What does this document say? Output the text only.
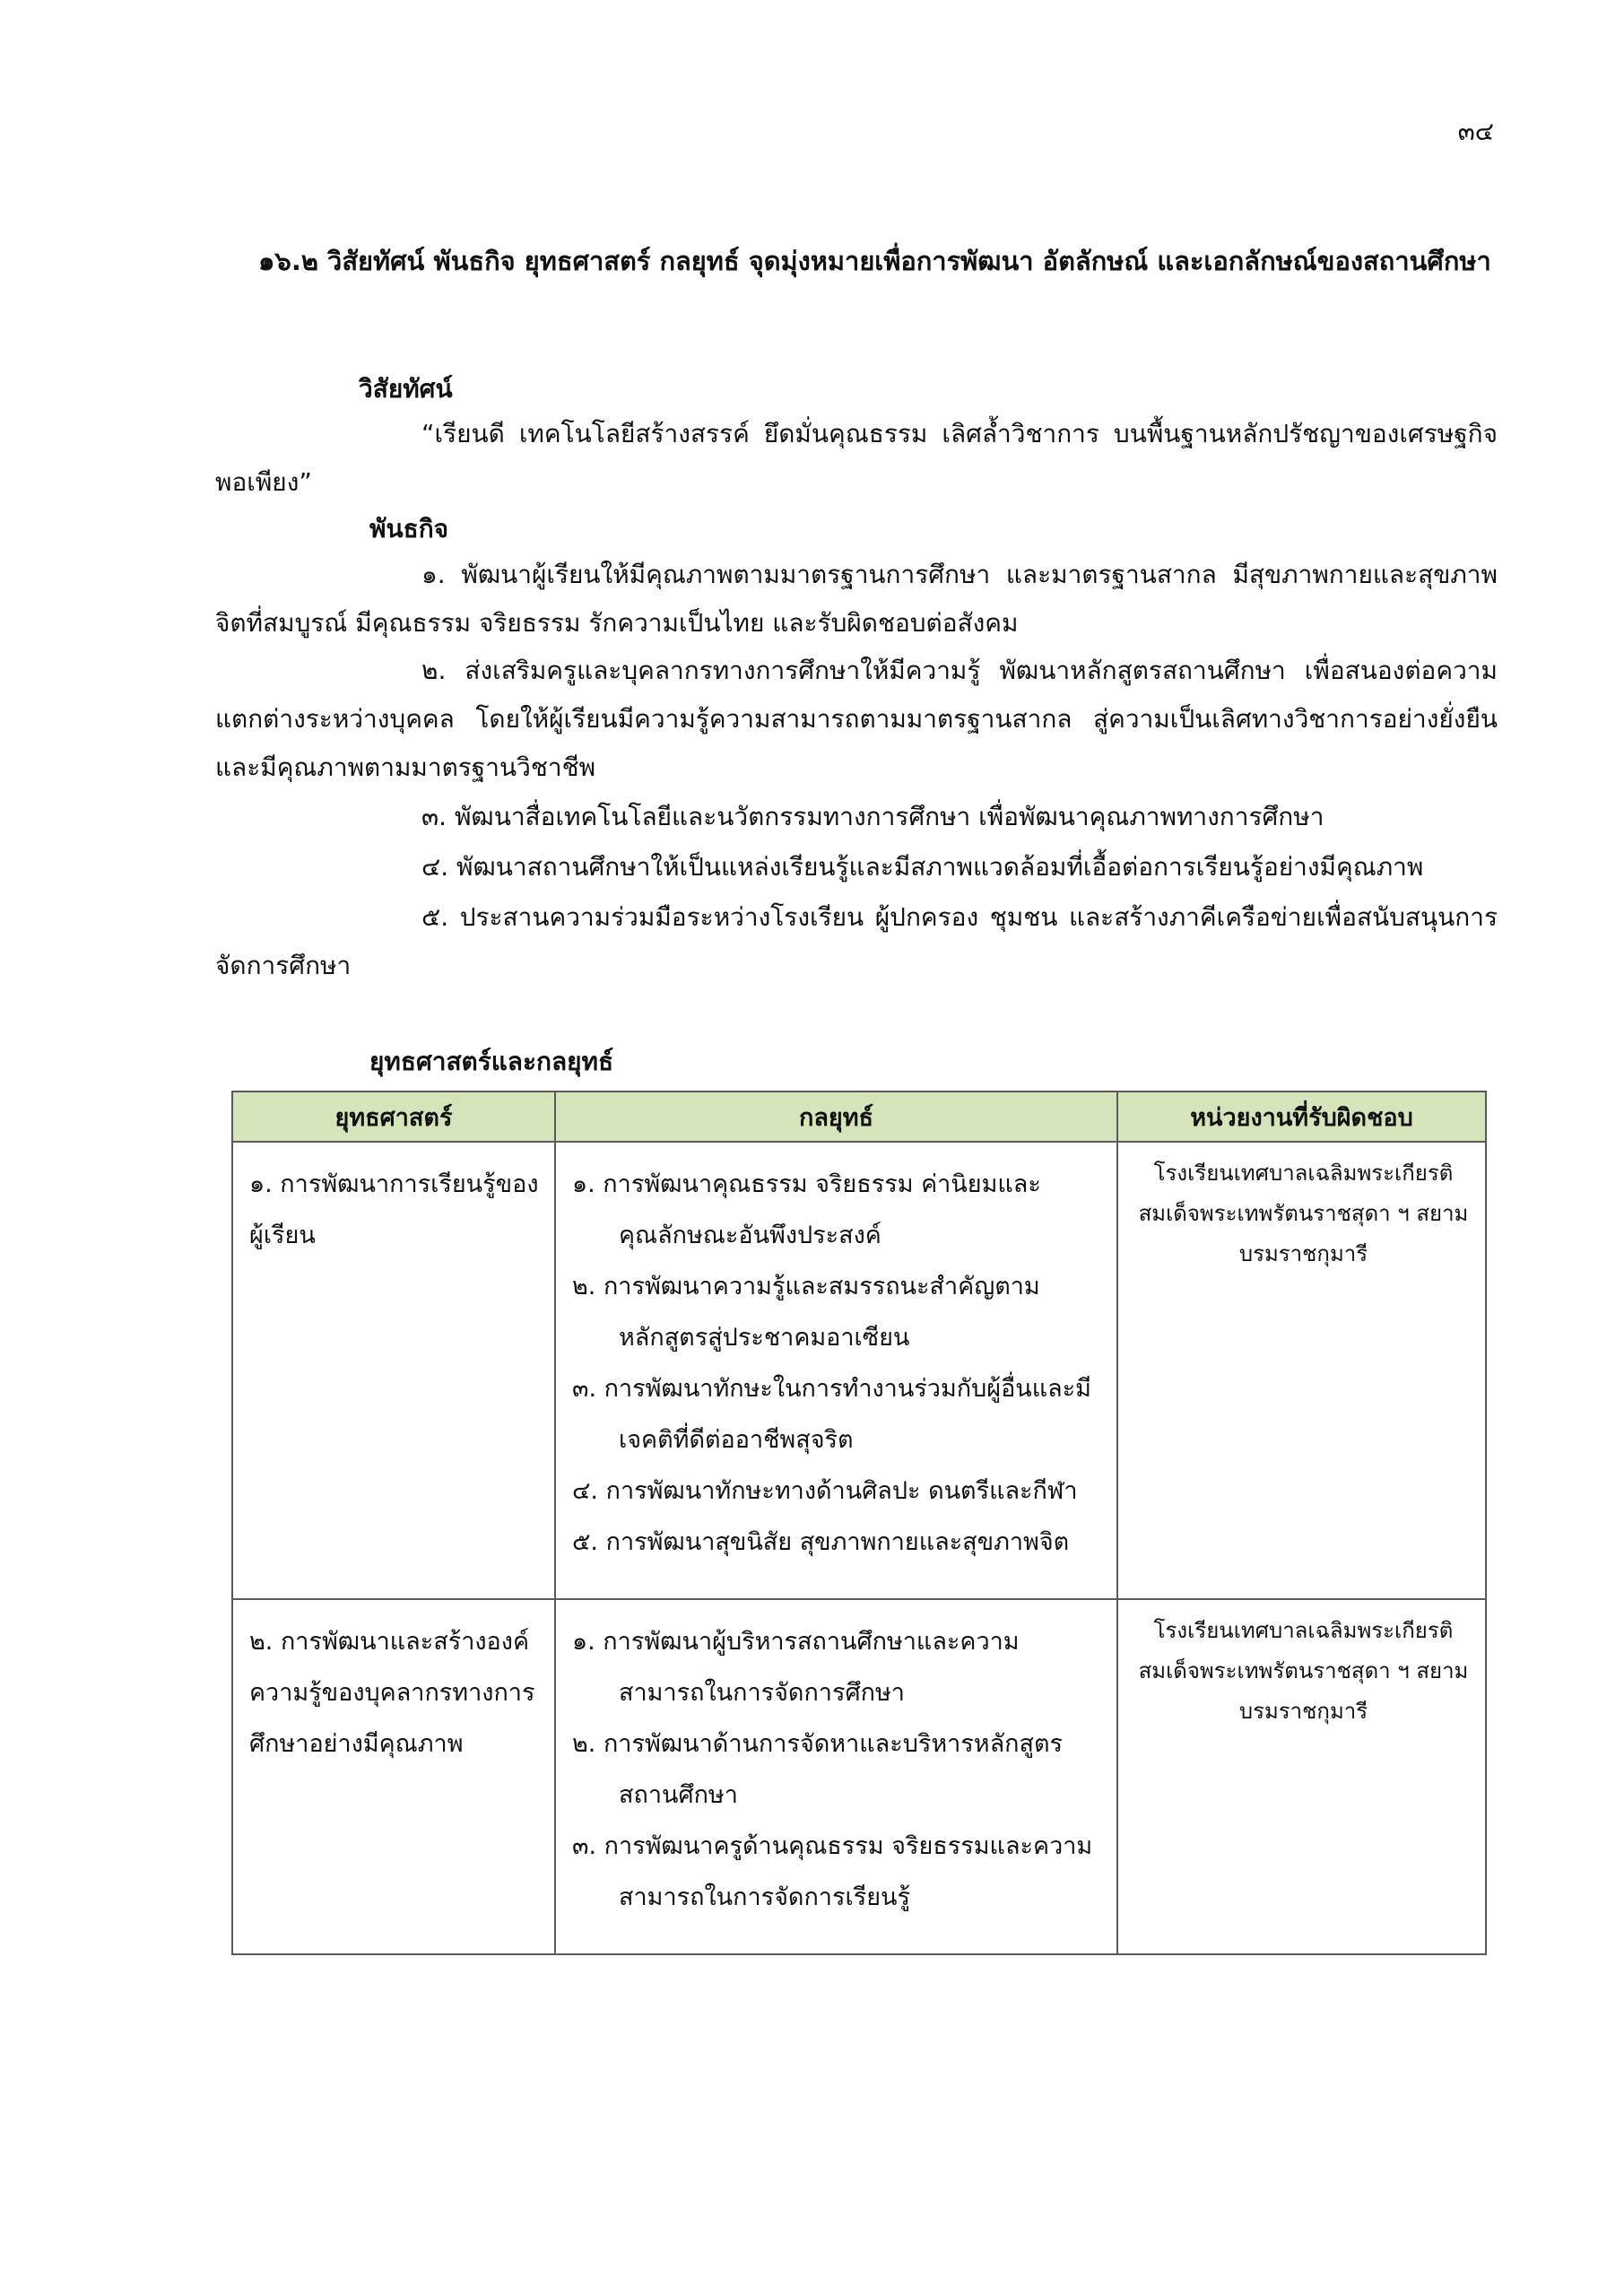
๓๔

๑๖.๒ วิสัยทัศน์ พันธกิจ ยุทธศาสตร์ กลยุทธ์ จุดมุ่งหมายเพื่อการพัฒนา อัตลักษณ์ และเอกลักษณ์ของสถานศึกษา

วิสัยทัศน์

“เรียนดี เทคโนโลยีสร้างสรรค์ ยึดมั่นคุณธรรม เลิศล้ำวิชาการ บนพื้นฐานหลักปรัชญาของเศรษฐกิจพอเพียง”

พันธกิจ

๑. พัฒนาผู้เรียนให้มีคุณภาพตามมาตรฐานการศึกษา และมาตรฐานสากล มีสุขภาพกายและสุขภาพจิตที่สมบูรณ์ มีคุณธรรม จริยธรรม รักความเป็นไทย และรับผิดชอบต่อสังคม

๒. ส่งเสริมครูและบุคลากรทางการศึกษาให้มีความรู้ พัฒนาหลักสูตรสถานศึกษา เพื่อสนองต่อความแตกต่างระหว่างบุคคล โดยให้ผู้เรียนมีความรู้ความสามารถตามมาตรฐานสากล สู่ความเป็นเลิศทางวิชาการอย่างยั่งยืนและมีคุณภาพตามมาตรฐานวิชาชีพ

๓. พัฒนาสื่อเทคโนโลยีและนวัตกรรมทางการศึกษา เพื่อพัฒนาคุณภาพทางการศึกษา

๔. พัฒนาสถานศึกษาให้เป็นแหล่งเรียนรู้และมีสภาพแวดล้อมที่เอื้อต่อการเรียนรู้อย่างมีคุณภาพ

๕. ประสานความร่วมมือระหว่างโรงเรียน ผู้ปกครอง ชุมชน และสร้างภาคีเครือข่ายเพื่อสนับสนุนการจัดการศึกษา

ยุทธศาสตร์และกลยุทธ์

ยุทธศาสตร์	กลยุทธ์	หน่วยงานที่รับผิดชอบ
๑. การพัฒนาการเรียนรู้ของผู้เรียน	๑. การพัฒนาคุณธรรม จริยธรรม ค่านิยมและคุณลักษณะอันพึงประสงค์
๒. การพัฒนาความรู้และสมรรถนะสำคัญตามหลักสูตรสู่ประชาคมอาเซียน
๓. การพัฒนาทักษะในการทำงานร่วมกับผู้อื่นและมีเจคติที่ดีต่ออาชีพสุจริต
๔. การพัฒนาทักษะทางด้านศิลปะ ดนตรีและกีฬา
๕. การพัฒนาสุขนิสัย สุขภาพกายและสุขภาพจิต	โรงเรียนเทศบาลเฉลิมพระเกียรติสมเด็จพระเทพรัตนราชสุดา ฯ สยามบรมราชกุมารี
๒. การพัฒนาและสร้างองค์ความรู้ของบุคลากรทางการศึกษาอย่างมีคุณภาพ	๑. การพัฒนาผู้บริหารสถานศึกษาและความสามารถในการจัดการศึกษา
๒. การพัฒนาด้านการจัดหาและบริหารหลักสูตรสถานศึกษา
๓. การพัฒนาครูด้านคุณธรรม จริยธรรมและความสามารถในการจัดการเรียนรู้	โรงเรียนเทศบาลเฉลิมพระเกียรติสมเด็จพระเทพรัตนราชสุดา ฯ สยามบรมราชกุมารี
